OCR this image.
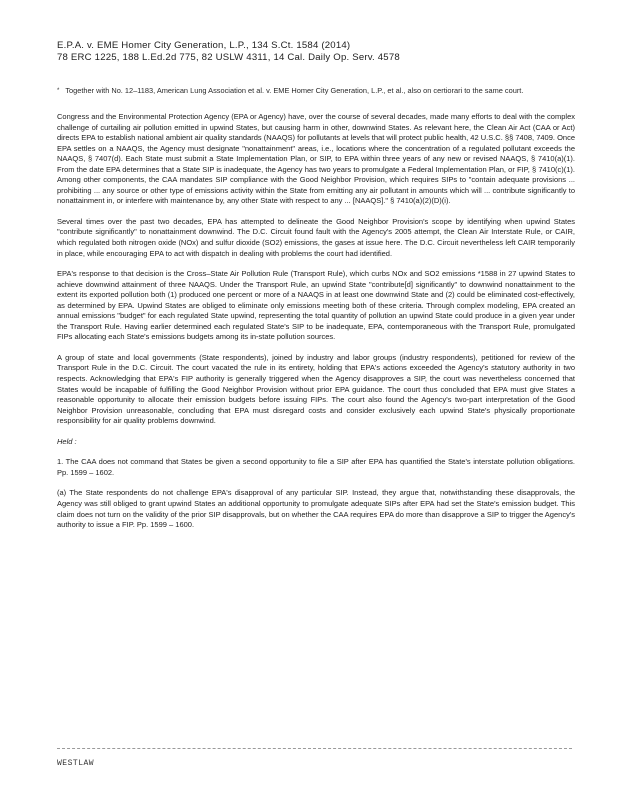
E.P.A. v. EME Homer City Generation, L.P., 134 S.Ct. 1584 (2014)
78 ERC 1225, 188 L.Ed.2d 775, 82 USLW 4311, 14 Cal. Daily Op. Serv. 4578
* Together with No. 12–1183, American Lung Association et al. v. EME Homer City Generation, L.P., et al., also on certiorari to the same court.

Congress and the Environmental Protection Agency (EPA or Agency) have, over the course of several decades, made many efforts to deal with the complex challenge of curtailing air pollution emitted in upwind States, but causing harm in other, downwind States. As relevant here, the Clean Air Act (CAA or Act) directs EPA to establish national ambient air quality standards (NAAQS) for pollutants at levels that will protect public health, 42 U.S.C. §§ 7408, 7409. Once EPA settles on a NAAQS, the Agency must designate "nonattainment" areas, i.e., locations where the concentration of a regulated pollutant exceeds the NAAQS, § 7407(d). Each State must submit a State Implementation Plan, or SIP, to EPA within three years of any new or revised NAAQS, § 7410(a)(1). From the date EPA determines that a State SIP is inadequate, the Agency has two years to promulgate a Federal Implementation Plan, or FIP, § 7410(c)(1). Among other components, the CAA mandates SIP compliance with the Good Neighbor Provision, which requires SIPs to "contain adequate provisions ... prohibiting ... any source or other type of emissions activity within the State from emitting any air pollutant in amounts which will ... contribute significantly to nonattainment in, or interfere with maintenance by, any other State with respect to any ... [NAAQS]." § 7410(a)(2)(D)(i).

Several times over the past two decades, EPA has attempted to delineate the Good Neighbor Provision's scope by identifying when upwind States "contribute significantly" to nonattainment downwind. The D.C. Circuit found fault with the Agency's 2005 attempt, the Clean Air Interstate Rule, or CAIR, which regulated both nitrogen oxide (NOx) and sulfur dioxide (SO2) emissions, the gases at issue here. The D.C. Circuit nevertheless left CAIR temporarily in place, while encouraging EPA to act with dispatch in dealing with problems the court had identified.

EPA's response to that decision is the Cross–State Air Pollution Rule (Transport Rule), which curbs NOx and SO2 emissions *1588 in 27 upwind States to achieve downwind attainment of three NAAQS. Under the Transport Rule, an upwind State "contribute[d] significantly" to downwind nonattainment to the extent its exported pollution both (1) produced one percent or more of a NAAQS in at least one downwind State and (2) could be eliminated cost-effectively, as determined by EPA. Upwind States are obliged to eliminate only emissions meeting both of these criteria. Through complex modeling, EPA created an annual emissions "budget" for each regulated State upwind, representing the total quantity of pollution an upwind State could produce in a given year under the Transport Rule. Having earlier determined each regulated State's SIP to be inadequate, EPA, contemporaneous with the Transport Rule, promulgated FIPs allocating each State's emissions budgets among its in-state pollution sources.

A group of state and local governments (State respondents), joined by industry and labor groups (industry respondents), petitioned for review of the Transport Rule in the D.C. Circuit. The court vacated the rule in its entirety, holding that EPA's actions exceeded the Agency's statutory authority in two respects. Acknowledging that EPA's FIP authority is generally triggered when the Agency disapproves a SIP, the court was nevertheless concerned that States would be incapable of fulfilling the Good Neighbor Provision without prior EPA guidance. The court thus concluded that EPA must give States a reasonable opportunity to allocate their emission budgets before issuing FIPs. The court also found the Agency's two-part interpretation of the Good Neighbor Provision unreasonable, concluding that EPA must disregard costs and consider exclusively each upwind State's physically proportionate responsibility for air quality problems downwind.

Held :

1. The CAA does not command that States be given a second opportunity to file a SIP after EPA has quantified the State's interstate pollution obligations. Pp. 1599 – 1602.

(a) The State respondents do not challenge EPA's disapproval of any particular SIP. Instead, they argue that, notwithstanding these disapprovals, the Agency was still obliged to grant upwind States an additional opportunity to promulgate adequate SIPs after EPA had set the State's emission budget. This claim does not turn on the validity of the prior SIP disapprovals, but on whether the CAA requires EPA do more than disapprove a SIP to trigger the Agency's authority to issue a FIP. Pp. 1599 – 1600.

WESTLAW
